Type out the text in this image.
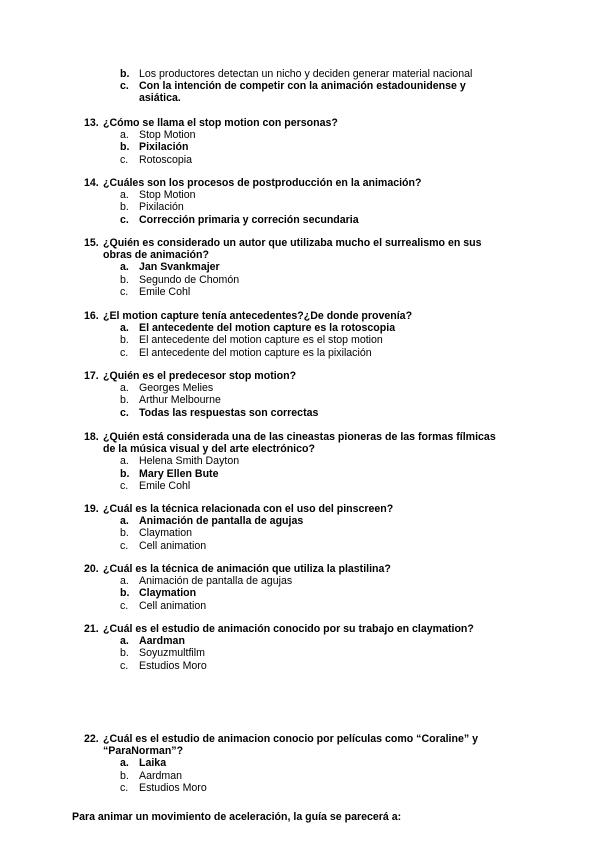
b. Los productores detectan un nicho y deciden generar material nacional
c. Con la intención de competir con la animación estadounidense y asiática.
13. ¿Cómo se llama el stop motion con personas?
a. Stop Motion
b. Pixilación
c. Rotoscopia
14. ¿Cuáles son los procesos de postproducción en la animación?
a. Stop Motion
b. Pixilación
c. Corrección primaria y correción secundaria
15. ¿Quién es considerado un autor que utilizaba mucho el surrealismo en sus obras de animación?
a. Jan Svankmajer
b. Segundo de Chomón
c. Emile Cohl
16. ¿El motion capture tenía antecedentes?¿De donde provenía?
a. El antecedente del motion capture es la rotoscopia
b. El antecedente del motion capture es el stop motion
c. El antecedente del motion capture es la pixilación
17. ¿Quién es el predecesor stop motion?
a. Georges Melies
b. Arthur Melbourne
c. Todas las respuestas son correctas
18. ¿Quién está considerada una de las cineastas pioneras de las formas fílmicas de la música visual y del arte electrónico?
a. Helena Smith Dayton
b. Mary Ellen Bute
c. Emile Cohl
19. ¿Cuál es la técnica relacionada con el uso del pinscreen?
a. Animación de pantalla de agujas
b. Claymation
c. Cell animation
20. ¿Cuál es la técnica de animación que utiliza la plastilina?
a. Animación de pantalla de agujas
b. Claymation
c. Cell animation
21. ¿Cuál es el estudio de animación conocido por su trabajo en claymation?
a. Aardman
b. Soyuzmultfilm
c. Estudios Moro
22. ¿Cuál es el estudio de animacion conocio por películas como “Coraline” y “ParaNorman”?
a. Laika
b. Aardman
c. Estudios Moro
Para animar un movimiento de aceleración, la guía se parecerá a:
